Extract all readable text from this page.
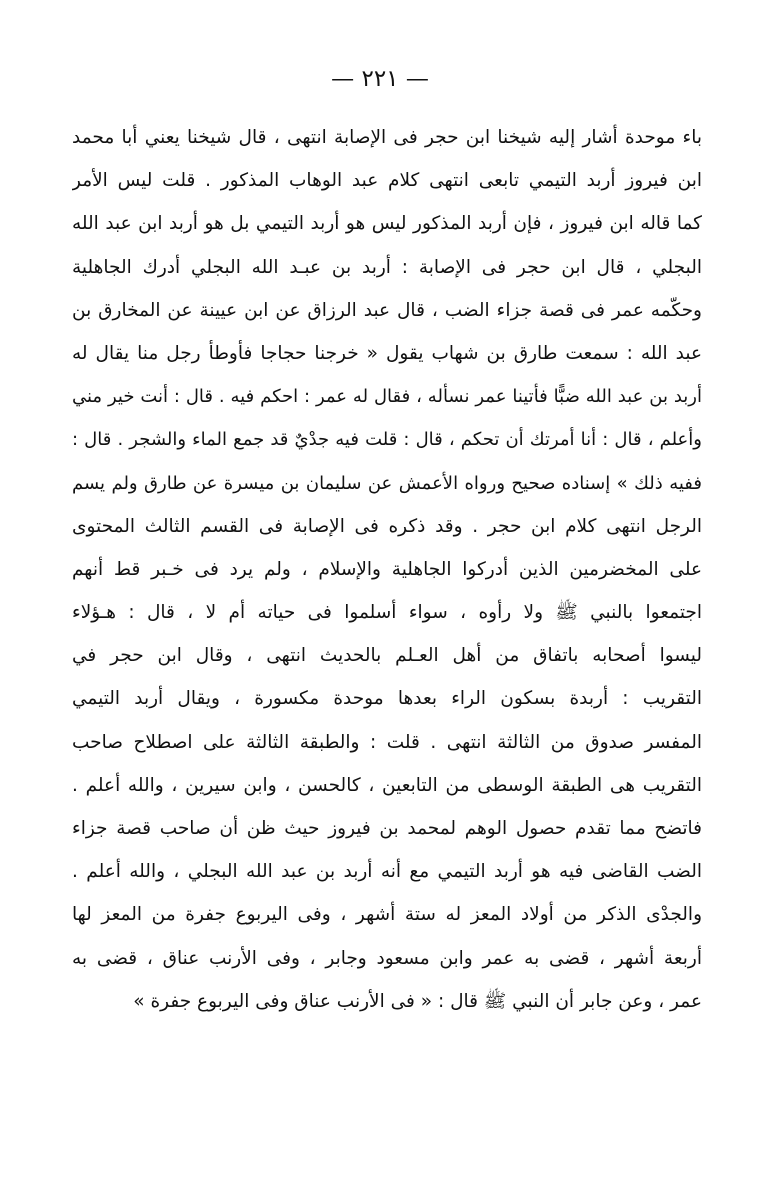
— ٢٢١ —
باء موحدة أشار إليه شيخنا ابن حجر فى الإصابة انتهى ، قال شيخنا يعني أبا محمد
ابن فيروز أربد التيمي تابعى انتهى كلام عبد الوهاب المذكور . قلت ليس الأمر
كما قاله ابن فيروز ، فإن أربد المذكور ليس هو أربد التيمي بل هو أربد ابن عبد الله
البجلي ، قال ابن حجر فى الإصابة : أربد بن عبـد الله البجلي أدرك الجاهلية
وحكّمه عمر فى قصة جزاء الضب ، قال عبد الرزاق عن ابن عيينة عن المخارق بن
عبد الله : سمعت طارق بن شهاب يقول « خرجنا حجاجا فأوطأ رجل منا يقال له
أربد بن عبد الله ضبًّا فأتينا عمر نسأله ، فقال له عمر : احكم فيه . قال : أنت خير مني
وأعلم ، قال : أنا أمرتك أن تحكم ، قال : قلت فيه جدْيٌ قد جمع الماء والشجر . قال :
ففيه ذلك » إسناده صحيح ورواه الأعمش عن سليمان بن ميسرة عن طارق ولم يسم
الرجل انتهى كلام ابن حجر . وقد ذكره فى الإصابة فى القسم الثالث المحتوى
على المخضرمين الذين أدركوا الجاهلية والإسلام ، ولم يرد فى خـبر قط أنهم
اجتمعوا بالنبي ﷺ ولا رأوه ، سواء أسلموا فى حياته أم لا ، قال : هـؤلاء
ليسوا أصحابه باتفاق من أهل العـلم بالحديث انتهى ، وقال ابن حجر في
التقريب : أربدة بسكون الراء بعدها موحدة مكسورة ، ويقال أربد التيمي
المفسر صدوق من الثالثة انتهى . قلت : والطبقة الثالثة على اصطلاح صاحب
التقريب هى الطبقة الوسطى من التابعين ، كالحسن ، وابن سيرين ، والله أعلم .
فاتضح مما تقدم حصول الوهم لمحمد بن فيروز حيث ظن أن صاحب قصة جزاء
الضب القاضى فيه هو أربد التيمي مع أنه أربد بن عبد الله البجلي ، والله أعلم .
والجدْى الذكر من أولاد المعز له ستة أشهر ، وفى اليربوع جفرة من المعز لها
أربعة أشهر ، قضى به عمر وابن مسعود وجابر ، وفى الأرنب عناق ، قضى به
عمر ، وعن جابر أن النبي ﷺ قال : « فى الأرنب عناق وفى اليربوع جفرة »
